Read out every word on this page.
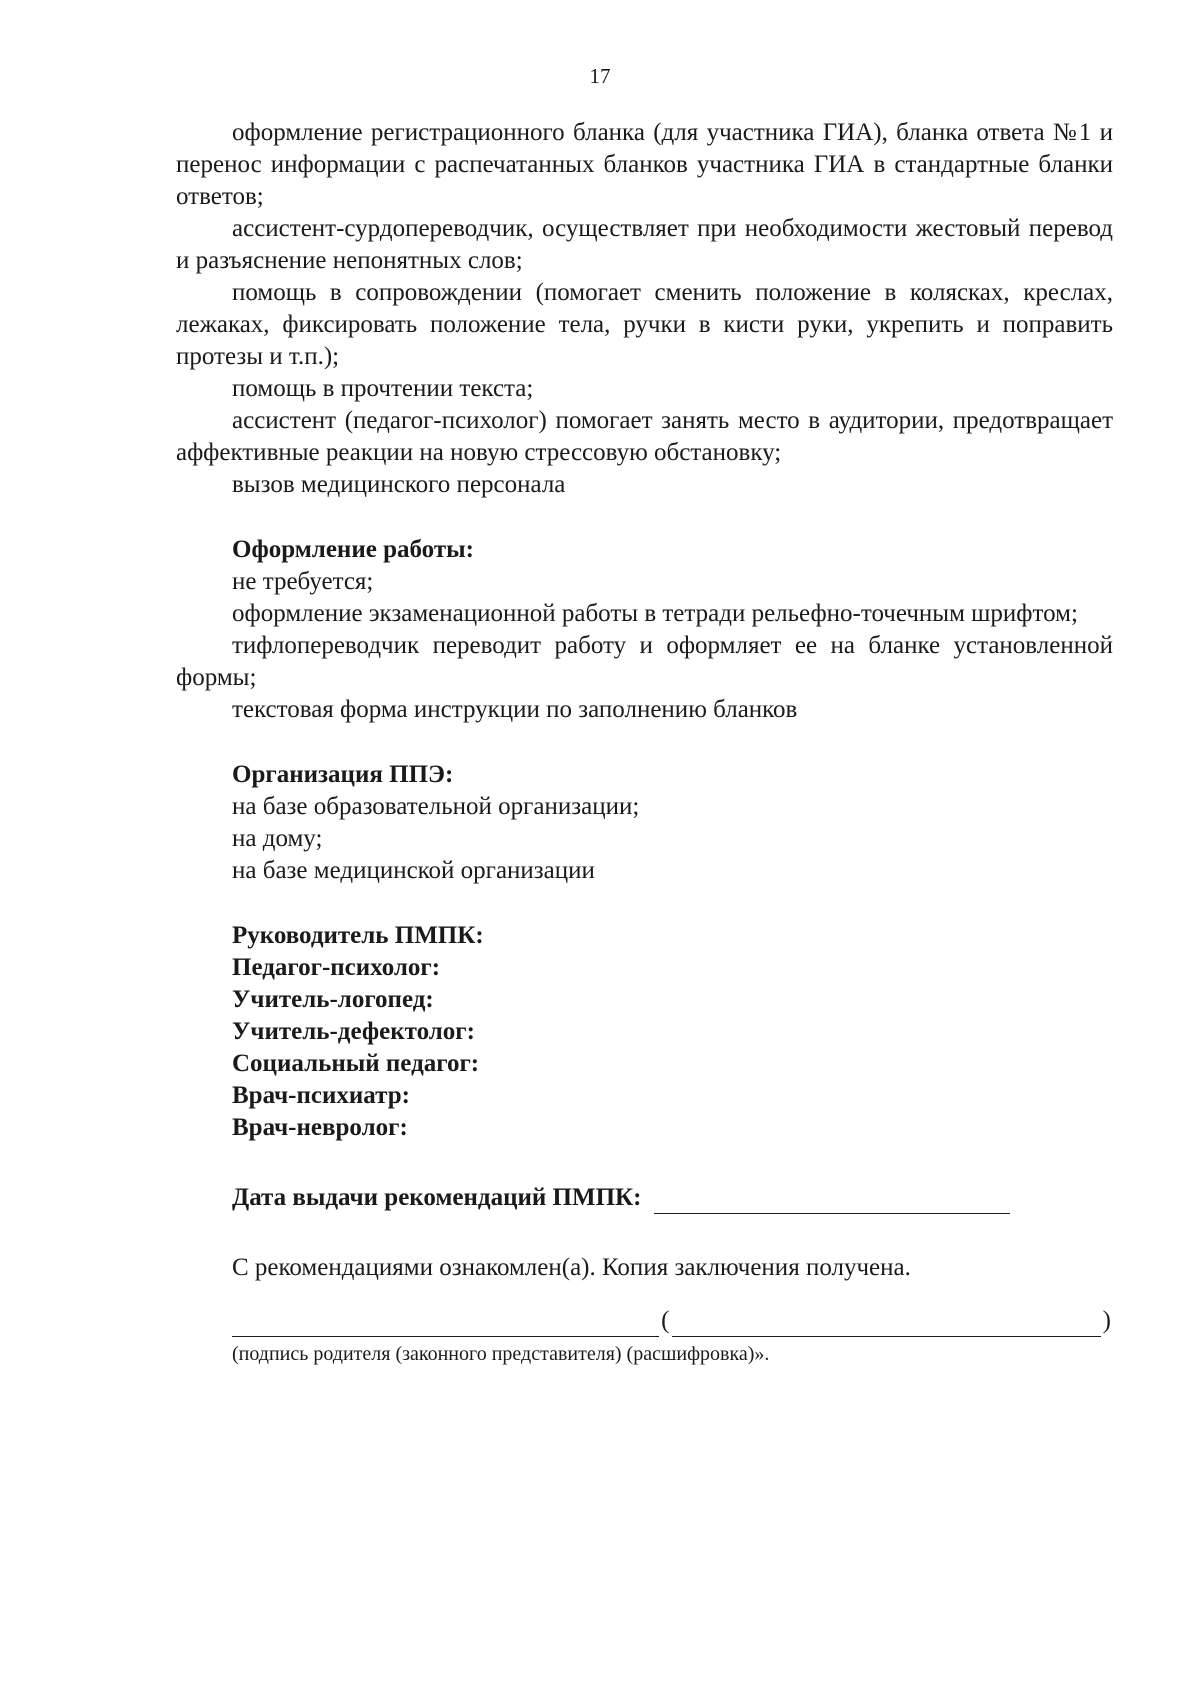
17

оформление регистрационного бланка (для участника ГИА), бланка ответа №1 и перенос информации с распечатанных бланков участника ГИА в стандартные бланки ответов;

ассистент-сурдопереводчик, осуществляет при необходимости жестовый перевод и разъяснение непонятных слов;

помощь в сопровождении (помогает сменить положение в колясках, креслах, лежаках, фиксировать положение тела, ручки в кисти руки, укрепить и поправить протезы и т.п.);

помощь в прочтении текста;

ассистент (педагог-психолог) помогает занять место в аудитории, предотвращает аффективные реакции на новую стрессовую обстановку;

вызов медицинского персонала

Оформление работы:

не требуется;

оформление экзаменационной работы в тетради рельефно-точечным шрифтом;

тифлопереводчик переводит работу и оформляет ее на бланке установленной формы;

текстовая форма инструкции по заполнению бланков

Организация ППЭ:

на базе образовательной организации;

на дому;

на базе медицинской организации

Руководитель ПМПК:

Педагог-психолог:

Учитель-логопед:

Учитель-дефектолог:

Социальный педагог:

Врач-психиатр:

Врач-невролог:

Дата выдачи рекомендаций ПМПК:

С рекомендациями ознакомлен(а). Копия заключения получена.

(	)

(подпись родителя (законного представителя) (расшифровка)».
